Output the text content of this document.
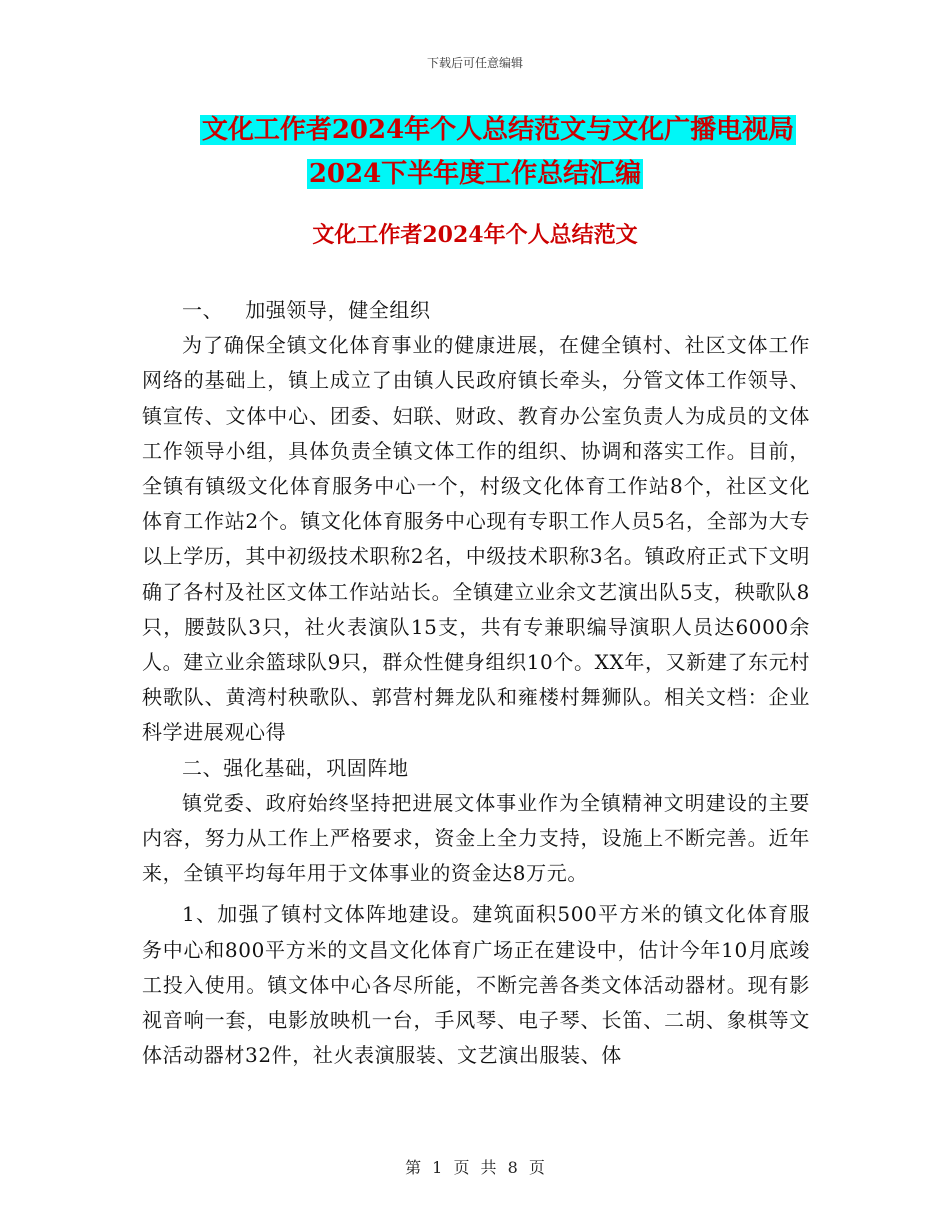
下载后可任意编辑
文化工作者2024年个人总结范文与文化广播电视局
2024下半年度工作总结汇编
文化工作者2024年个人总结范文

一、 加强领导，健全组织

为了确保全镇文化体育事业的健康进展，在健全镇村、社区文体工作网络的基础上，镇上成立了由镇人民政府镇长牵头，分管文体工作领导、镇宣传、文体中心、团委、妇联、财政、教育办公室负责人为成员的文体工作领导小组，具体负责全镇文体工作的组织、协调和落实工作。目前，全镇有镇级文化体育服务中心一个，村级文化体育工作站8个，社区文化体育工作站2个。镇文化体育服务中心现有专职工作人员5名，全部为大专以上学历，其中初级技术职称2名，中级技术职称3名。镇政府正式下文明确了各村及社区文体工作站站长。全镇建立业余文艺演出队5支，秧歌队8只，腰鼓队3只，社火表演队15支，共有专兼职编导演职人员达6000余人。建立业余篮球队9只，群众性健身组织10个。XX年，又新建了东元村秧歌队、黄湾村秧歌队、郭营村舞龙队和雍楼村舞狮队。相关文档：企业科学进展观心得

二、强化基础，巩固阵地

镇党委、政府始终坚持把进展文体事业作为全镇精神文明建设的主要内容，努力从工作上严格要求，资金上全力支持，设施上不断完善。近年来，全镇平均每年用于文体事业的资金达8万元。

1、加强了镇村文体阵地建设。建筑面积500平方米的镇文化体育服务中心和800平方米的文昌文化体育广场正在建设中，估计今年10月底竣工投入使用。镇文体中心各尽所能，不断完善各类文体活动器材。现有影视音响一套，电影放映机一台，手风琴、电子琴、长笛、二胡、象棋等文体活动器材32件，社火表演服装、文艺演出服装、体

第 1 页 共 8 页
